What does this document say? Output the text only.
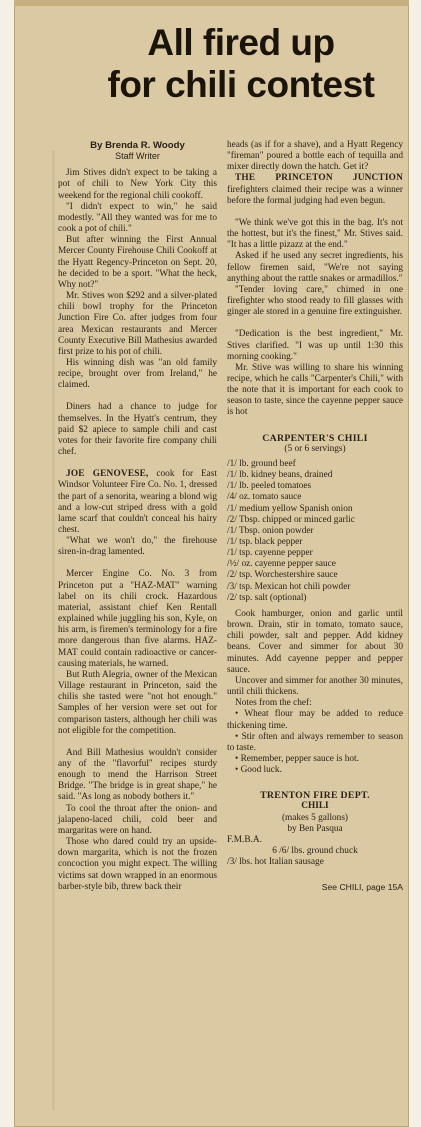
All fired up
for chili contest

By Brenda R. Woody

Staff Writer

Jim Stives didn't expect to be taking a pot of chili to New York City this weekend for the regional chili cookoff.

"I didn't expect to win," he said modestly. "All they wanted was for me to cook a pot of chili."

But after winning the First Annual Mercer County Firehouse Chili Cookoff at the Hyatt Regency-Princeton on Sept. 20, he decided to be a sport. "What the heck, Why not?"

Mr. Stives won $292 and a silver-plated chili bowl trophy for the Princeton Junction Fire Co. after judges from four area Mexican restaurants and Mercer County Executive Bill Mathesius awarded first prize to his pot of chili.

His winning dish was "an old family recipe, brought over from Ireland," he claimed.

Diners had a chance to judge for themselves. In the Hyatt's centrum, they paid $2 apiece to sample chili and cast votes for their favorite fire company chili chef.

JOE GENOVESE, cook for East Windsor Volunteer Fire Co. No. 1, dressed the part of a senorita, wearing a blond wig and a low-cut striped dress with a gold lame scarf that couldn't conceal his hairy chest.

"What we won't do," the firehouse siren-in-drag lamented.

Mercer Engine Co. No. 3 from Princeton put a "HAZ-MAT" warning label on its chili crock. Hazardous material, assistant chief Ken Rentall explained while juggling his son, Kyle, on his arm, is firemen's terminology for a fire more dangerous than five alarms. HAZ-MAT could contain radioactive or cancer-causing materials, he warned.

But Ruth Alegria, owner of the Mexican Village restaurant in Princeton, said the chilis she tasted were "not hot enough." Samples of her version were set out for comparison tasters, although her chili was not eligible for the competition.

And Bill Mathesius wouldn't consider any of the "flavorful" recipes sturdy enough to mend the Harrison Street Bridge. "The bridge is in great shape," he said. "As long as nobody bothers it."

To cool the throat after the onion- and jalapeno-laced chili, cold beer and margaritas were on hand.

Those who dared could try an upside-down margarita, which is not the frozen concoction you might expect. The willing victims sat down wrapped in an enormous barber-style bib, threw back their

heads (as if for a shave), and a Hyatt Regency "fireman" poured a bottle each of tequilla and mixer directly down the hatch. Get it?

THE PRINCETON JUNCTION firefighters claimed their recipe was a winner before the formal judging had even begun.

"We think we've got this in the bag. It's not the hottest, but it's the finest," Mr. Stives said. "It has a little pizazz at the end."

Asked if he used any secret ingredients, his fellow firemen said, "We're not saying anything about the rattle snakes or armadillos."

"Tender loving care," chimed in one firefighter who stood ready to fill glasses with ginger ale stored in a genuine fire extinguisher.

"Dedication is the best ingredient," Mr. Stives clarified. "I was up until 1:30 this morning cooking."

Mr. Stive was willing to share his winning recipe, which he calls "Carpenter's Chili," with the note that it is important for each cook to season to taste, since the cayenne pepper sauce is hot

CARPENTER'S CHILI

(5 or 6 servings)

/1/ lb. ground beef

/1/ lb. kidney beans, drained

/1/ lb. peeled tomatoes

/4/ oz. tomato sauce

/1/ medium yellow Spanish onion

/2/ Tbsp. chipped or minced garlic

/1/ Tbsp. onion powder

/1/ tsp. black pepper

/1/ tsp. cayenne pepper

/½/ oz. cayenne pepper sauce

/2/ tsp. Worchestershire sauce

/3/ tsp. Mexican hot chili powder

/2/ tsp. salt (optional)

Cook hamburger, onion and garlic until brown. Drain, stir in tomato, tomato sauce, chili powder, salt and pepper. Add kidney beans. Cover and simmer for about 30 minutes. Add cayenne pepper and pepper sauce.

Uncover and simmer for another 30 minutes, until chili thickens.

Notes from the chef:

• Wheat flour may be added to reduce thickening time.

• Stir often and always remember to season to taste.

• Remember, pepper sauce is hot.

• Good luck.

TRENTON FIRE DEPT.

CHILI

(makes 5 gallons)

by Ben Pasqua

F.M.B.A.

6 /6/ lbs. ground chuck

/3/ lbs. hot Italian sausage

See CHILI, page 15A
